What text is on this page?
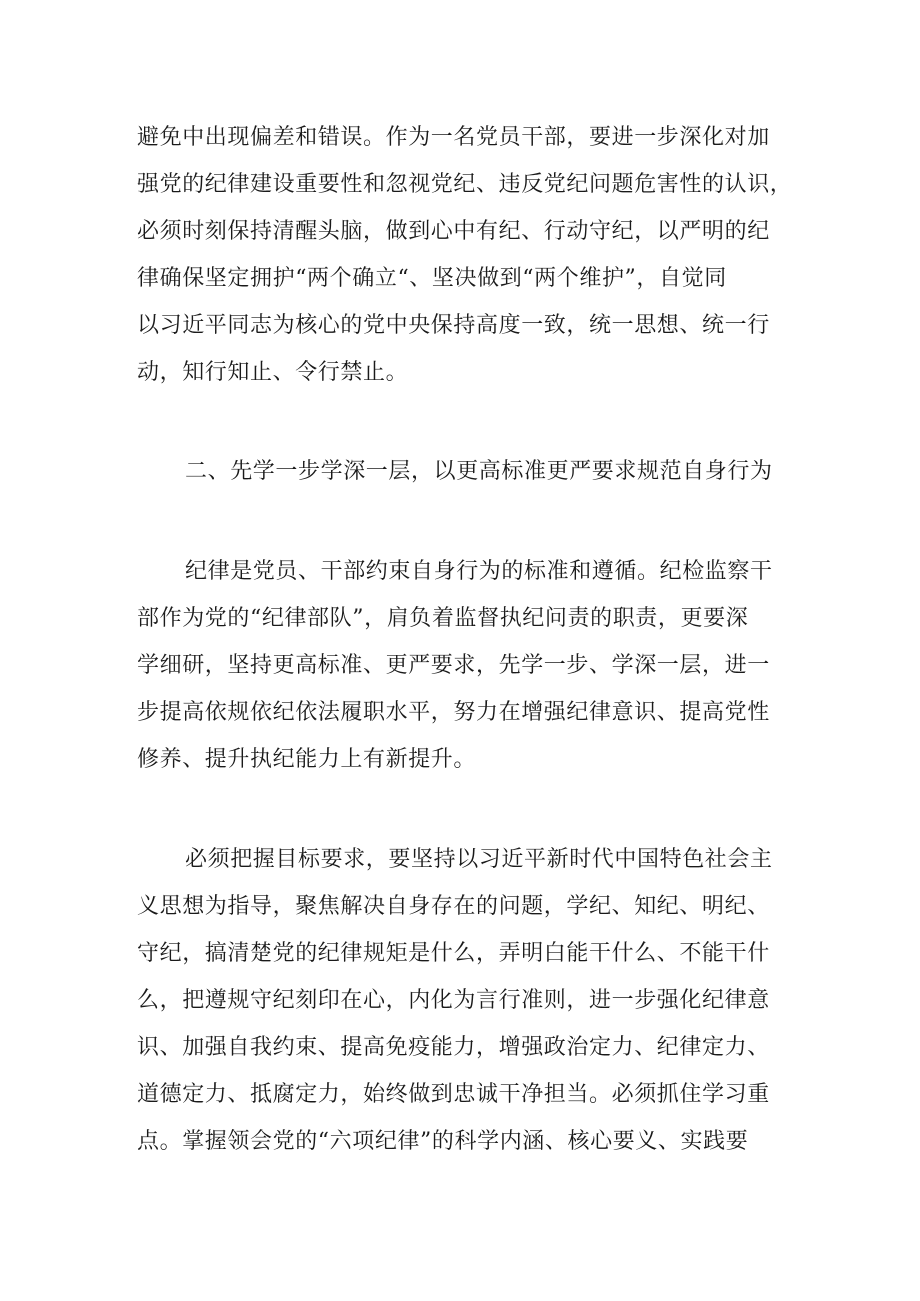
避免中出现偏差和错误。作为一名党员干部，要进一步深化对加
强党的纪律建设重要性和忽视党纪、违反党纪问题危害性的认识，
必须时刻保持清醒头脑，做到心中有纪、行动守纪，以严明的纪
律确保坚定拥护“两个确立“、坚决做到“两个维护”，自觉同
以习近平同志为核心的党中央保持高度一致，统一思想、统一行
动，知行知止、令行禁止。
二、先学一步学深一层，以更高标准更严要求规范自身行为
纪律是党员、干部约束自身行为的标准和遵循。纪检监察干
部作为党的“纪律部队”，肩负着监督执纪问责的职责，更要深
学细研，坚持更高标准、更严要求，先学一步、学深一层，进一
步提高依规依纪依法履职水平，努力在增强纪律意识、提高党性
修养、提升执纪能力上有新提升。
必须把握目标要求，要坚持以习近平新时代中国特色社会主
义思想为指导，聚焦解决自身存在的问题，学纪、知纪、明纪、
守纪，搞清楚党的纪律规矩是什么，弄明白能干什么、不能干什
么，把遵规守纪刻印在心，内化为言行准则，进一步强化纪律意
识、加强自我约束、提高免疫能力，增强政治定力、纪律定力、
道德定力、抵腐定力，始终做到忠诚干净担当。必须抓住学习重
点。掌握领会党的“六项纪律”的科学内涵、核心要义、实践要
